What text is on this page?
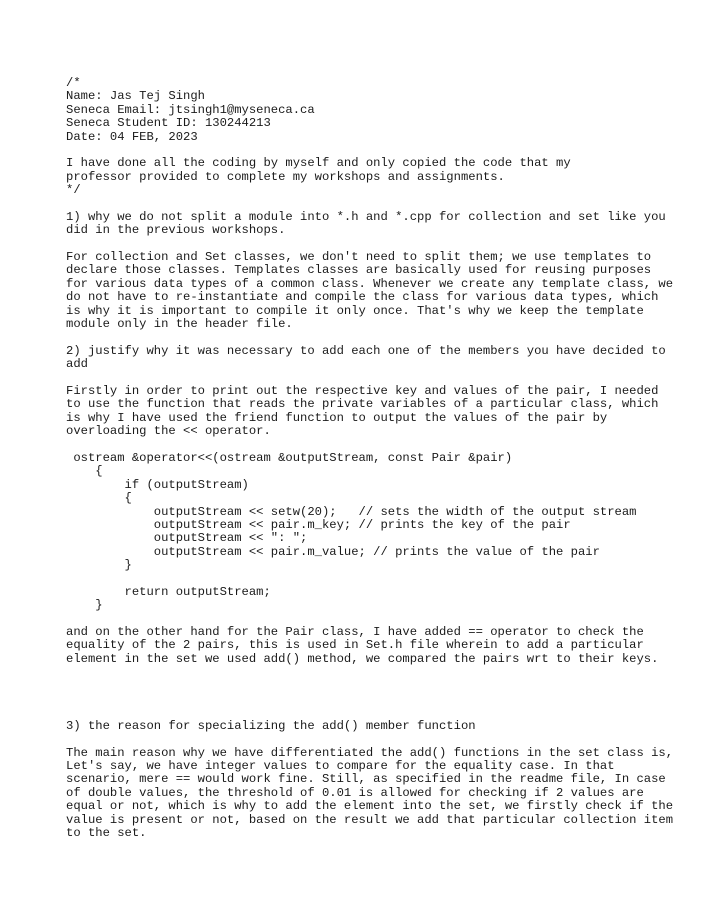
/*
Name: Jas Tej Singh
Seneca Email: jtsingh1@myseneca.ca
Seneca Student ID: 130244213
Date: 04 FEB, 2023
I have done all the coding by myself and only copied the code that my
professor provided to complete my workshops and assignments.
*/
1) why we do not split a module into *.h and *.cpp for collection and set like you
did in the previous workshops.
For collection and Set classes, we don't need to split them; we use templates to
declare those classes. Templates classes are basically used for reusing purposes
for various data types of a common class. Whenever we create any template class, we
do not have to re-instantiate and compile the class for various data types, which
is why it is important to compile it only once. That's why we keep the template
module only in the header file.
2) justify why it was necessary to add each one of the members you have decided to
add
Firstly in order to print out the respective key and values of the pair, I needed
to use the function that reads the private variables of a particular class, which
is why I have used the friend function to output the values of the pair by
overloading the << operator.
ostream &operator<<(ostream &outputStream, const Pair &pair)
{
if (outputStream)
{
outputStream << setw(20);   // sets the width of the output stream
outputStream << pair.m_key; // prints the key of the pair
outputStream << ": ";
outputStream << pair.m_value; // prints the value of the pair
}
return outputStream;
}
and on the other hand for the Pair class, I have added == operator to check the
equality of the 2 pairs, this is used in Set.h file wherein to add a particular
element in the set we used add() method, we compared the pairs wrt to their keys.
3) the reason for specializing the add() member function
The main reason why we have differentiated the add() functions in the set class is,
Let's say, we have integer values to compare for the equality case. In that
scenario, mere == would work fine. Still, as specified in the readme file, In case
of double values, the threshold of 0.01 is allowed for checking if 2 values are
equal or not, which is why to add the element into the set, we firstly check if the
value is present or not, based on the result we add that particular collection item
to the set.
